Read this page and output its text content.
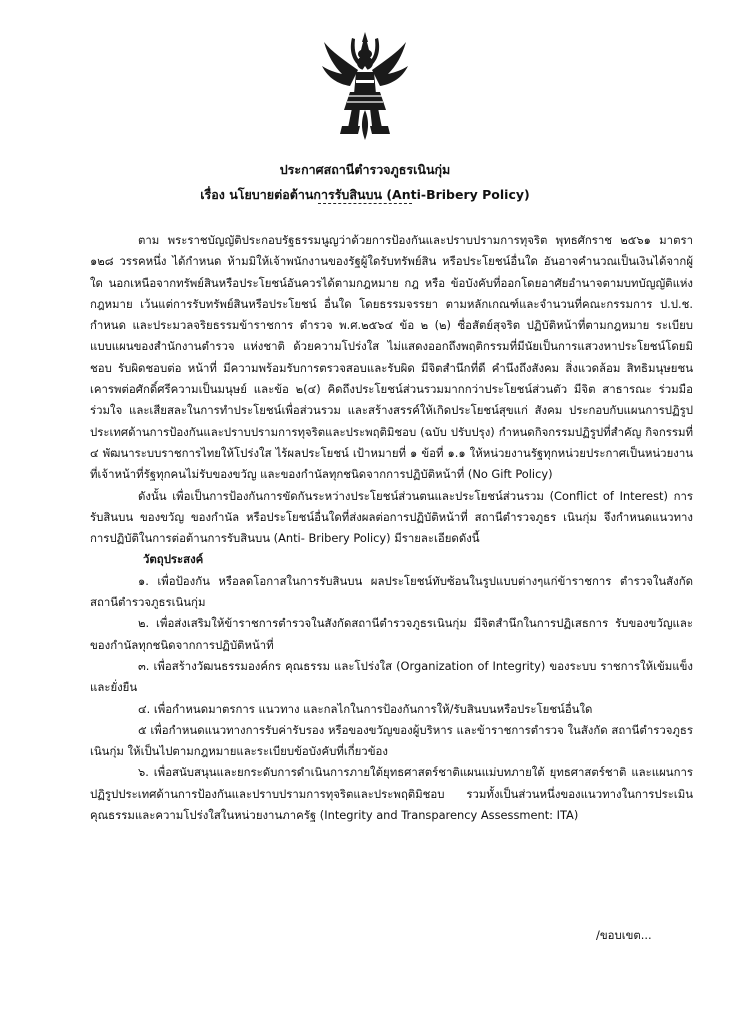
ประกาศสถานีตำรวจภูธรเนินกุ่ม
เรื่อง นโยบายต่อต้านการรับสินบน (Anti-Bribery Policy)

ตาม พระราชบัญญัติประกอบรัฐธรรมนูญว่าด้วยการป้องกันและปราบปรามการทุจริต พุทธศักราช ๒๕๖๑ มาตรา ๑๒๘ วรรคหนึ่ง ได้กำหนด ห้ามมิให้เจ้าพนักงานของรัฐผู้ใดรับทรัพย์สิน หรือประโยชน์อื่นใด อันอาจคำนวณเป็นเงินได้จากผู้ใด นอกเหนือจากทรัพย์สินหรือประโยชน์อันควรได้ตามกฎหมาย กฎ หรือ ข้อบังคับที่ออกโดยอาศัยอำนาจตามบทบัญญัติแห่งกฎหมาย เว้นแต่การรับทรัพย์สินหรือประโยชน์ อื่นใด โดยธรรมจรรยา ตามหลักเกณฑ์และจำนวนที่คณะกรรมการ ป.ป.ช. กำหนด และประมวลจริยธรรมข้าราชการ ตำรวจ พ.ศ.๒๕๖๔ ข้อ ๒ (๒) ซื่อสัตย์สุจริต ปฏิบัติหน้าที่ตามกฎหมาย ระเบียบแบบแผนของสำนักงานตำรวจ แห่งชาติ ด้วยความโปร่งใส ไม่แสดงออกถึงพฤติกรรมที่มีนัยเป็นการแสวงหาประโยชน์โดยมิชอบ รับผิดชอบต่อ หน้าที่ มีความพร้อมรับการตรวจสอบและรับผิด มีจิตสำนึกที่ดี คำนึงถึงสังคม สิ่งแวดล้อม สิทธิมนุษยชน เคารพต่อศักดิ์ศรีความเป็นมนุษย์ และข้อ ๒(๔) คิดถึงประโยชน์ส่วนรวมมากกว่าประโยชน์ส่วนตัว มีจิต สาธารณะ ร่วมมือ ร่วมใจ และเสียสละในการทำประโยชน์เพื่อส่วนรวม และสร้างสรรค์ให้เกิดประโยชน์สุขแก่ สังคม ประกอบกับแผนการปฏิรูปประเทศด้านการป้องกันและปราบปรามการทุจริตและประพฤติมิชอบ (ฉบับ ปรับปรุง) กำหนดกิจกรรมปฏิรูปที่สำคัญ กิจกรรมที่ ๔ พัฒนาระบบราชการไทยให้โปร่งใส ไร้ผลประโยชน์ เป้าหมายที่ ๑ ข้อที่ ๑.๑ ให้หน่วยงานรัฐทุกหน่วยประกาศเป็นหน่วยงานที่เจ้าหน้าที่รัฐทุกคนไม่รับของขวัญ และของกำนัลทุกชนิดจากการปฏิบัติหน้าที่ (No Gift Policy)

ดังนั้น เพื่อเป็นการป้องกันการขัดกันระหว่างประโยชน์ส่วนตนและประโยชน์ส่วนรวม (Conflict of Interest) การรับสินบน ของขวัญ ของกำนัล หรือประโยชน์อื่นใดที่ส่งผลต่อการปฏิบัติหน้าที่ สถานีตำรวจภูธร เนินกุ่ม จึงกำหนดแนวทางการปฏิบัติในการต่อต้านการรับสินบน (Anti- Bribery Policy) มีรายละเอียดดังนี้

วัตถุประสงค์

๑. เพื่อป้องกัน หรือลดโอกาสในการรับสินบน ผลประโยชน์ทับซ้อนในรูปแบบต่างๆแก่ข้าราชการ ตำรวจในสังกัดสถานีตำรวจภูธรเนินกุ่ม

๒. เพื่อส่งเสริมให้ข้าราชการตำรวจในสังกัดสถานีตำรวจภูธรเนินกุ่ม มีจิตสำนึกในการปฏิเสธการ รับของขวัญและของกำนัลทุกชนิดจากการปฏิบัติหน้าที่

๓. เพื่อสร้างวัฒนธรรมองค์กร คุณธรรม และโปร่งใส (Organization of Integrity) ของระบบ ราชการให้เข้มแข็งและยั่งยืน

๔. เพื่อกำหนดมาตรการ แนวทาง และกลไกในการป้องกันการให้/รับสินบนหรือประโยชน์อื่นใด

๕ เพื่อกำหนดแนวทางการรับค่ารับรอง หรือของขวัญของผู้บริหาร และข้าราชการตำรวจ ในสังกัด สถานีตำรวจภูธรเนินกุ่ม ให้เป็นไปตามกฎหมายและระเบียบข้อบังคับที่เกี่ยวข้อง

๖. เพื่อสนับสนุนและยกระดับการดำเนินการภายใต้ยุทธศาสตร์ชาติแผนแม่บทภายใต้ ยุทธศาสตร์ชาติ และแผนการปฏิรูปประเทศด้านการป้องกันและปราบปรามการทุจริตและประพฤติมิชอบ รวมทั้งเป็นส่วนหนึ่งของแนวทางในการประเมินคุณธรรมและความโปร่งใสในหน่วยงานภาครัฐ (Integrity and Transparency Assessment: ITA)

/ขอบเขต...
